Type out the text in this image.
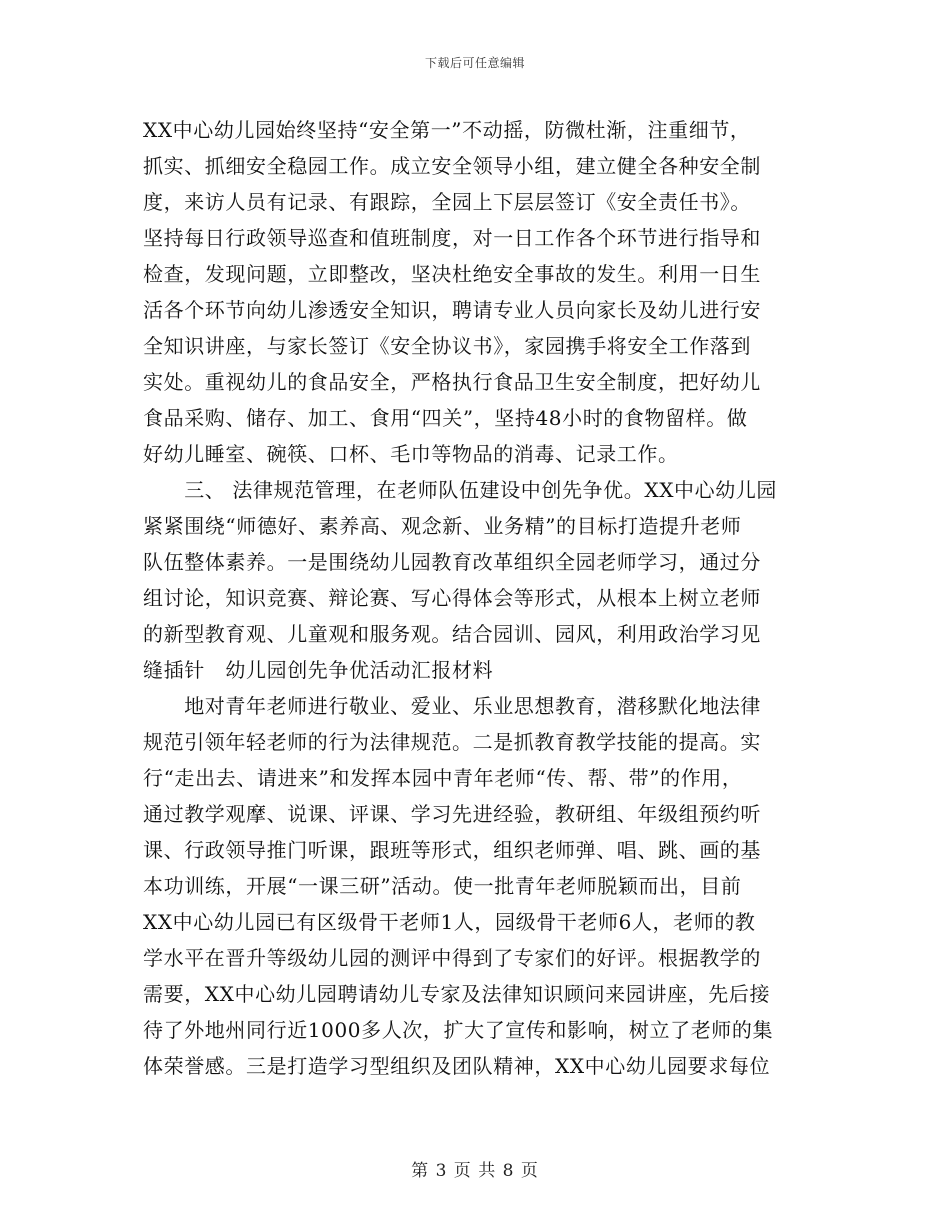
下载后可任意编辑
XX中心幼儿园始终坚持“安全第一”不动摇，防微杜渐，注重细节，
抓实、抓细安全稳园工作。成立安全领导小组，建立健全各种安全制
度，来访人员有记录、有跟踪，全园上下层层签订《安全责任书》。
坚持每日行政领导巡查和值班制度，对一日工作各个环节进行指导和
检查，发现问题，立即整改，坚决杜绝安全事故的发生。利用一日生
活各个环节向幼儿渗透安全知识，聘请专业人员向家长及幼儿进行安
全知识讲座，与家长签订《安全协议书》，家园携手将安全工作落到
实处。重视幼儿的食品安全，严格执行食品卫生安全制度，把好幼儿
食品采购、储存、加工、食用“四关”，坚持48小时的食物留样。做
好幼儿睡室、碗筷、口杯、毛巾等物品的消毒、记录工作。
　　三、 法律规范管理，在老师队伍建设中创先争优。XX中心幼儿园
紧紧围绕“师德好、素养高、观念新、业务精”的目标打造提升老师
队伍整体素养。一是围绕幼儿园教育改革组织全园老师学习，通过分
组讨论，知识竞赛、辩论赛、写心得体会等形式，从根本上树立老师
的新型教育观、儿童观和服务观。结合园训、园风，利用政治学习见
缝插针　幼儿园创先争优活动汇报材料
　　地对青年老师进行敬业、爱业、乐业思想教育，潜移默化地法律
规范引领年轻老师的行为法律规范。二是抓教育教学技能的提高。实
行“走出去、请进来”和发挥本园中青年老师“传、帮、带”的作用，
通过教学观摩、说课、评课、学习先进经验，教研组、年级组预约听
课、行政领导推门听课，跟班等形式，组织老师弹、唱、跳、画的基
本功训练，开展“一课三研”活动。使一批青年老师脱颖而出，目前
XX中心幼儿园已有区级骨干老师1人，园级骨干老师6人，老师的教
学水平在晋升等级幼儿园的测评中得到了专家们的好评。根据教学的
需要，XX中心幼儿园聘请幼儿专家及法律知识顾问来园讲座，先后接
待了外地州同行近1000多人次，扩大了宣传和影响，树立了老师的集
体荣誉感。三是打造学习型组织及团队精神，XX中心幼儿园要求每位
第 3 页 共 8 页
